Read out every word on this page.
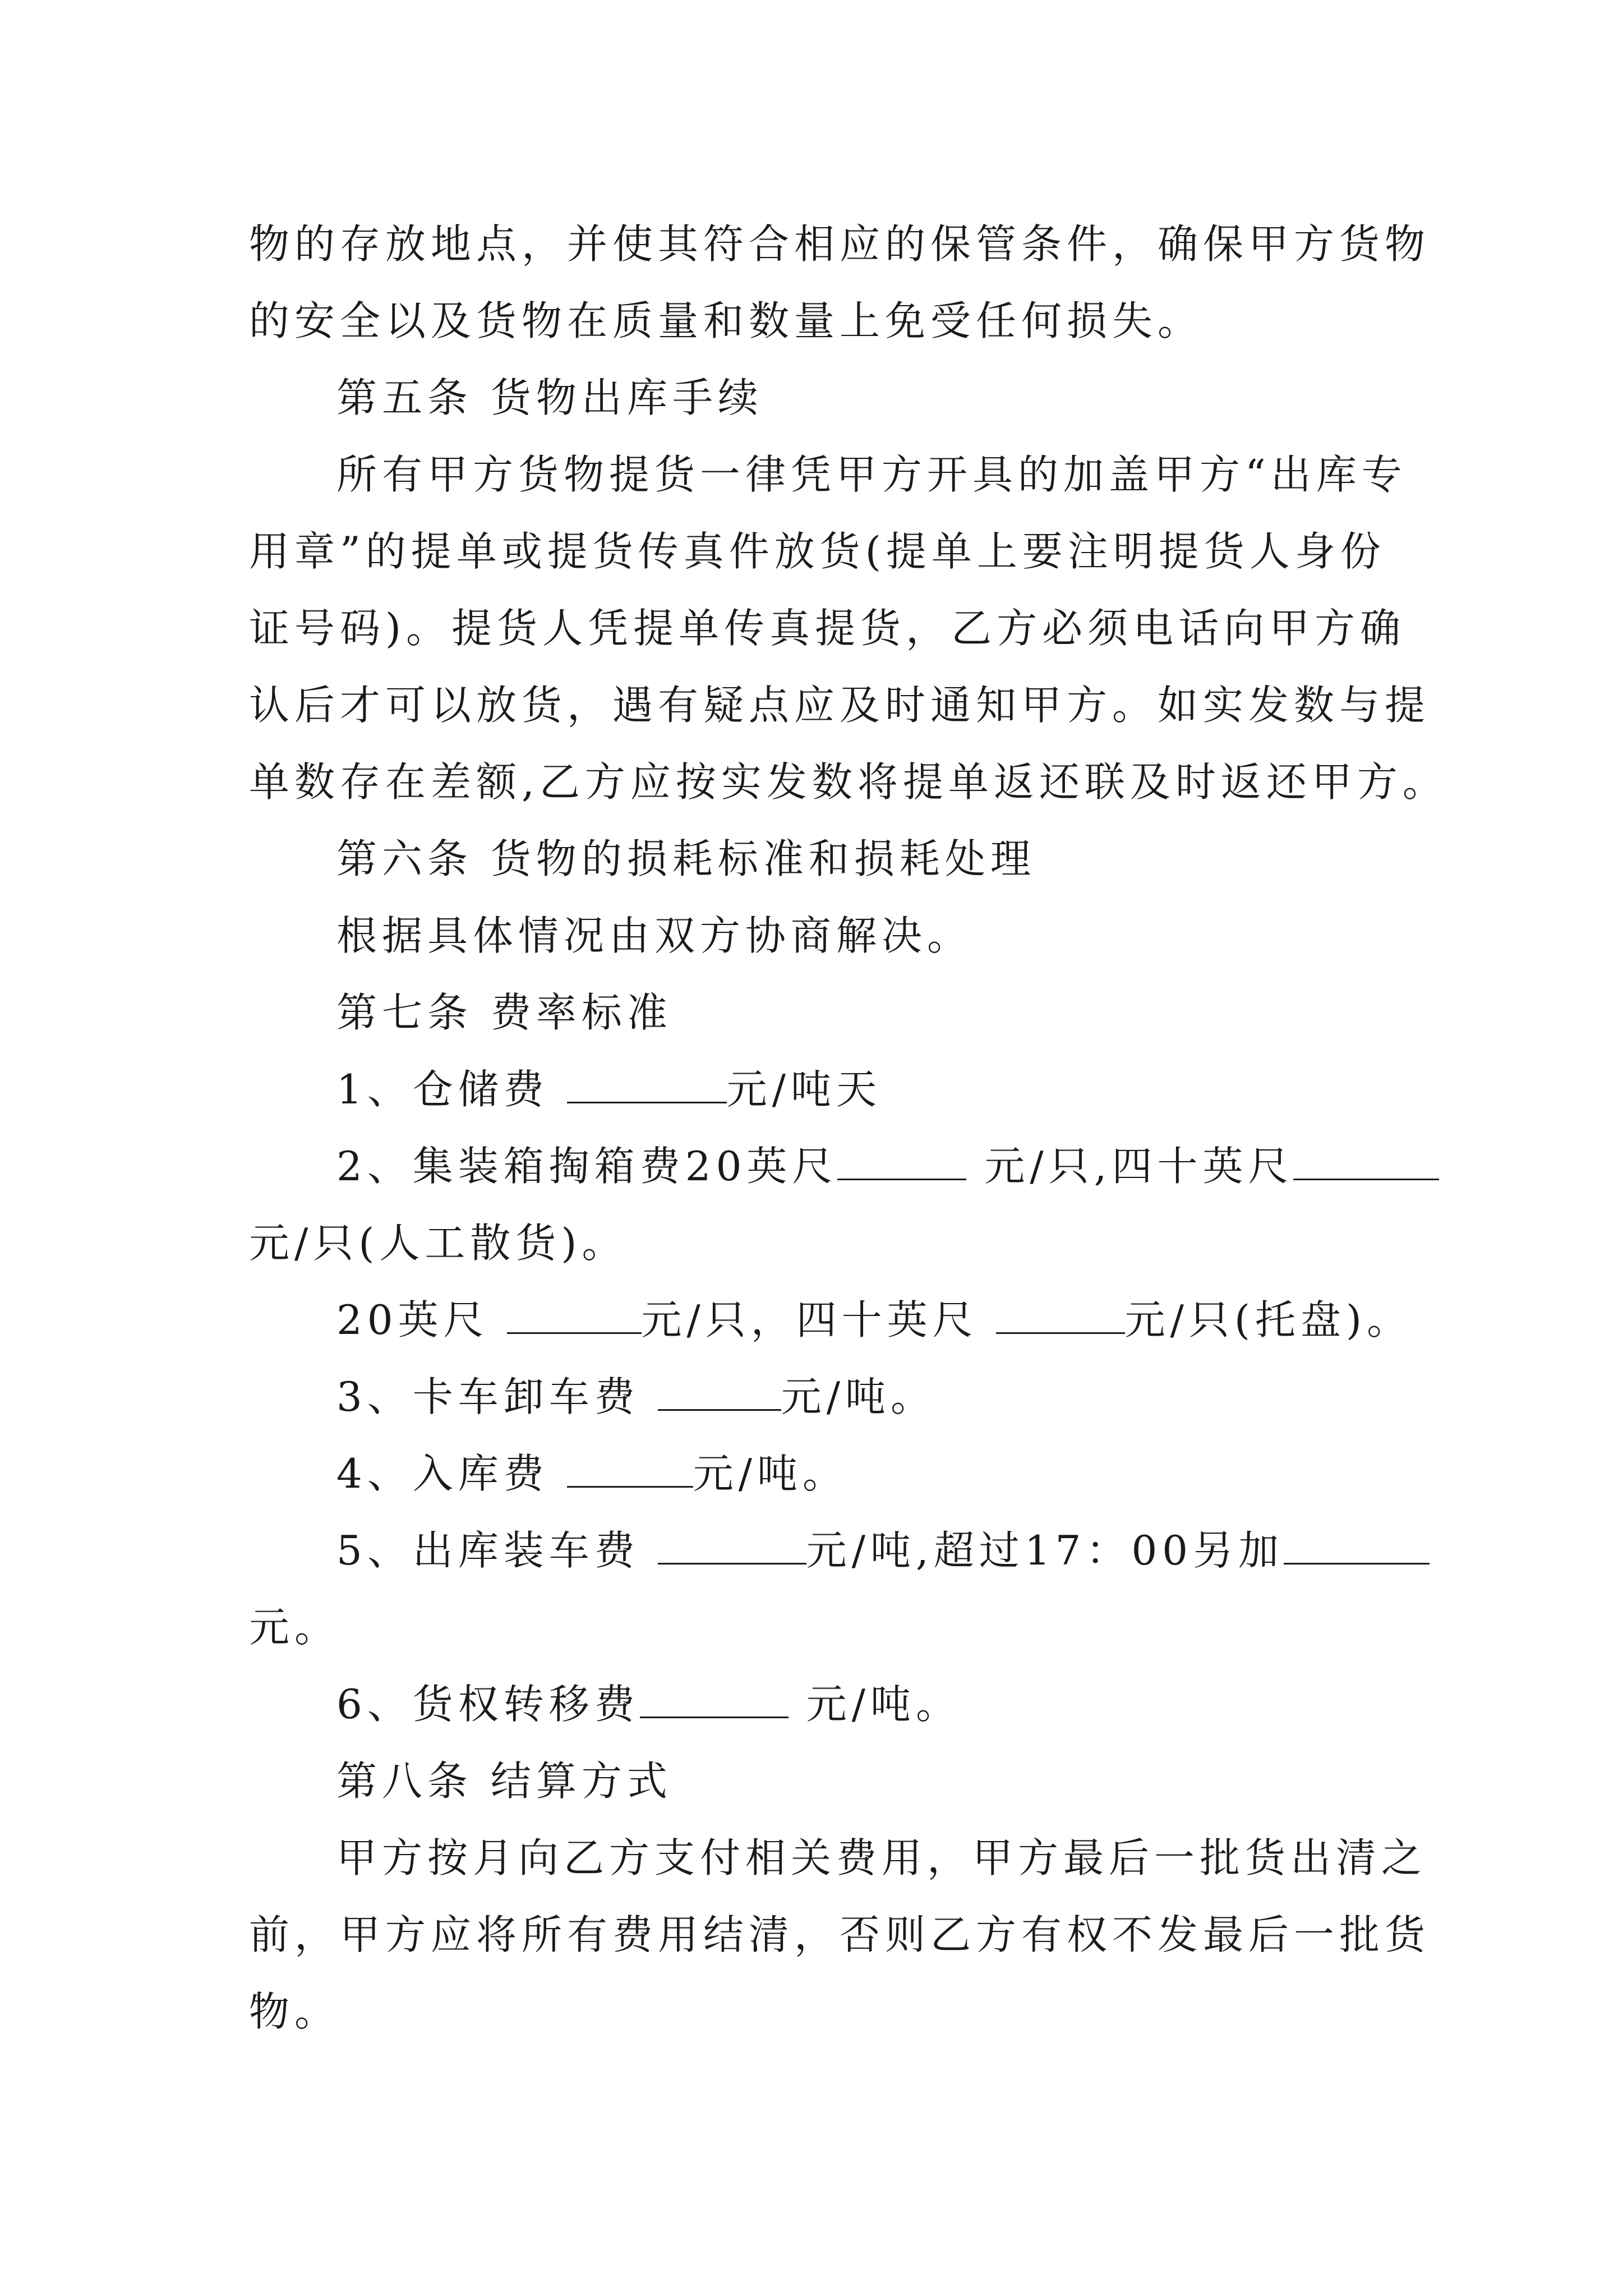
物的存放地点，并使其符合相应的保管条件，确保甲方货物
的安全以及货物在质量和数量上免受任何损失。
第五条 货物出库手续
所有甲方货物提货一律凭甲方开具的加盖甲方“出库专
用章”的提单或提货传真件放货(提单上要注明提货人身份
证号码)。提货人凭提单传真提货，乙方必须电话向甲方确
认后才可以放货，遇有疑点应及时通知甲方。如实发数与提
单数存在差额,乙方应按实发数将提单返还联及时返还甲方。
第六条 货物的损耗标准和损耗处理
根据具体情况由双方协商解决。
第七条 费率标准
1、仓储费	元/吨天
2、集装箱掏箱费20英尺	元/只,四十英尺
元/只(人工散货)。
20英尺	元/只，四十英尺	元/只(托盘)。
3、卡车卸车费	元/吨。
4、入库费	元/吨。
5、出库装车费	元/吨,超过17：00另加
元。
6、货权转移费	元/吨。
第八条 结算方式
甲方按月向乙方支付相关费用，甲方最后一批货出清之
前，甲方应将所有费用结清，否则乙方有权不发最后一批货
物。
